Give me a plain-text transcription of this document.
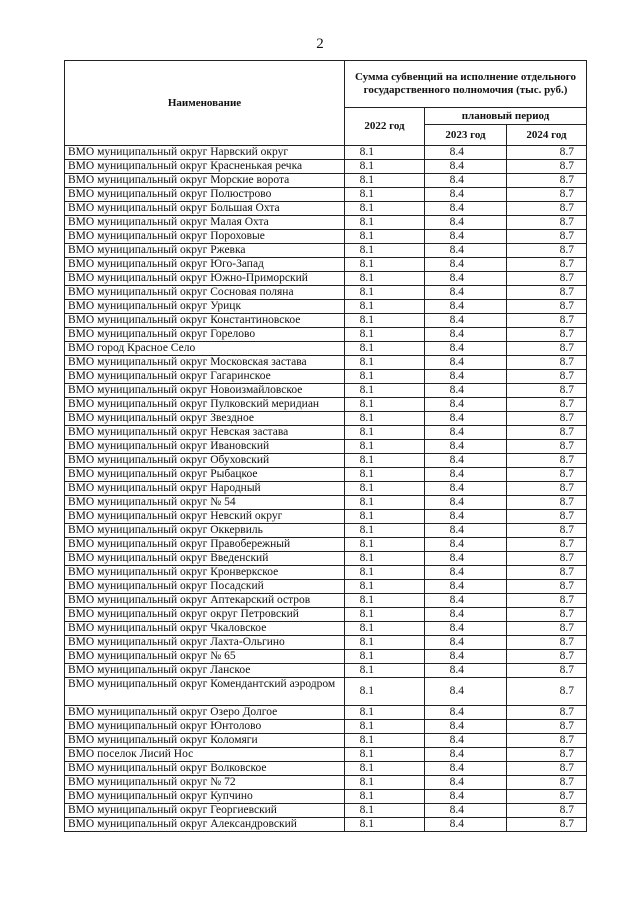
2
Наименование	Сумма субвенций на исполнение отдельного государственного полномочия (тыс. руб.)		
	2022 год	плановый период	
		2023 год	2024 год
ВМО муниципальный округ Нарвский округ	8.1	8.4	8.7
ВМО муниципальный округ Красненькая речка	8.1	8.4	8.7
ВМО муниципальный округ Морские ворота	8.1	8.4	8.7
ВМО муниципальный округ Полюстрово	8.1	8.4	8.7
ВМО муниципальный округ Большая Охта	8.1	8.4	8.7
ВМО муниципальный округ Малая Охта	8.1	8.4	8.7
ВМО муниципальный округ Пороховые	8.1	8.4	8.7
ВМО муниципальный округ Ржевка	8.1	8.4	8.7
ВМО муниципальный округ Юго-Запад	8.1	8.4	8.7
ВМО муниципальный округ Южно-Приморский	8.1	8.4	8.7
ВМО муниципальный округ Сосновая поляна	8.1	8.4	8.7
ВМО муниципальный округ Урицк	8.1	8.4	8.7
ВМО муниципальный округ Константиновское	8.1	8.4	8.7
ВМО муниципальный округ Горелово	8.1	8.4	8.7
ВМО город Красное Село	8.1	8.4	8.7
ВМО муниципальный округ Московская застава	8.1	8.4	8.7
ВМО муниципальный округ Гагаринское	8.1	8.4	8.7
ВМО муниципальный округ Новоизмайловское	8.1	8.4	8.7
ВМО муниципальный округ Пулковский меридиан	8.1	8.4	8.7
ВМО муниципальный округ Звездное	8.1	8.4	8.7
ВМО муниципальный округ Невская застава	8.1	8.4	8.7
ВМО муниципальный округ Ивановский	8.1	8.4	8.7
ВМО муниципальный округ Обуховский	8.1	8.4	8.7
ВМО муниципальный округ Рыбацкое	8.1	8.4	8.7
ВМО муниципальный округ Народный	8.1	8.4	8.7
ВМО муниципальный округ № 54	8.1	8.4	8.7
ВМО муниципальный округ Невский округ	8.1	8.4	8.7
ВМО муниципальный округ Оккервиль	8.1	8.4	8.7
ВМО муниципальный округ Правобережный	8.1	8.4	8.7
ВМО муниципальный округ Введенский	8.1	8.4	8.7
ВМО муниципальный округ Кронверкское	8.1	8.4	8.7
ВМО муниципальный округ Посадский	8.1	8.4	8.7
ВМО муниципальный округ Аптекарский остров	8.1	8.4	8.7
ВМО муниципальный округ округ Петровский	8.1	8.4	8.7
ВМО муниципальный округ Чкаловское	8.1	8.4	8.7
ВМО муниципальный округ Лахта-Ольгино	8.1	8.4	8.7
ВМО муниципальный округ № 65	8.1	8.4	8.7
ВМО муниципальный округ Ланское	8.1	8.4	8.7
ВМО муниципальный округ Комендантский аэродром	8.1	8.4	8.7
ВМО муниципальный округ Озеро Долгое	8.1	8.4	8.7
ВМО муниципальный округ Юнтолово	8.1	8.4	8.7
ВМО муниципальный округ Коломяги	8.1	8.4	8.7
ВМО поселок Лисий Нос	8.1	8.4	8.7
ВМО муниципальный округ Волковское	8.1	8.4	8.7
ВМО муниципальный округ № 72	8.1	8.4	8.7
ВМО муниципальный округ Купчино	8.1	8.4	8.7
ВМО муниципальный округ Георгиевский	8.1	8.4	8.7
ВМО муниципальный округ Александровский	8.1	8.4	8.7
